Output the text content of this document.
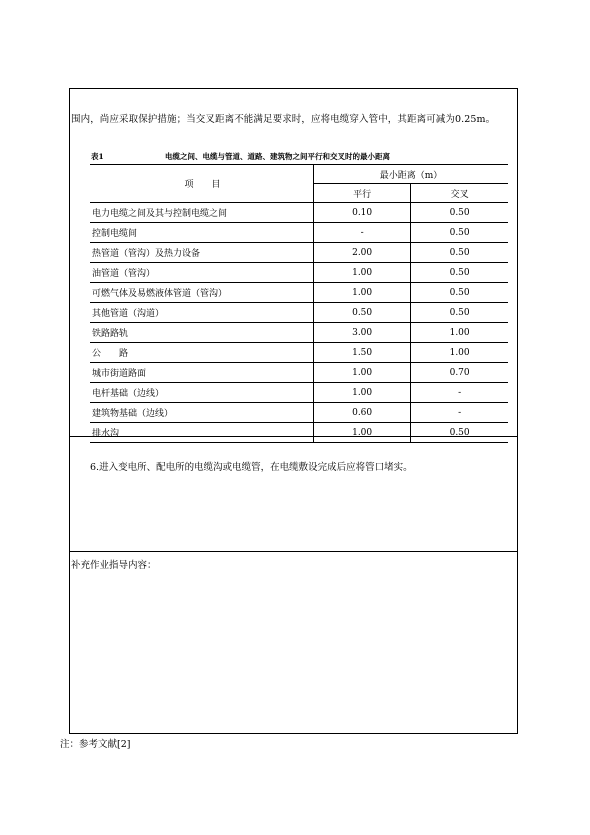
围内，尚应采取保护措施；当交叉距离不能满足要求时，应将电缆穿入管中，其距离可减为0.25m。
表1	电缆之间、电缆与管道、道路、建筑物之间平行和交叉时的最小距离
项　　目	最小距离（m）	
	平行	交叉
电力电缆之间及其与控制电缆之间	0.10	0.50
控制电缆间	-	0.50
热管道（管沟）及热力设备	2.00	0.50
油管道（管沟）	1.00	0.50
可燃气体及易燃液体管道（管沟）	1.00	0.50
其他管道（沟道）	0.50	0.50
铁路路轨	3.00	1.00
公　　路	1.50	1.00
城市街道路面	1.00	0.70
电杆基础（边线）	1.00	-
建筑物基础（边线）	0.60	-
排水沟	1.00	0.50
6.进入变电所、配电所的电缆沟或电缆管，在电缆敷设完成后应将管口堵实。
补充作业指导内容：
注：参考文献[2]
